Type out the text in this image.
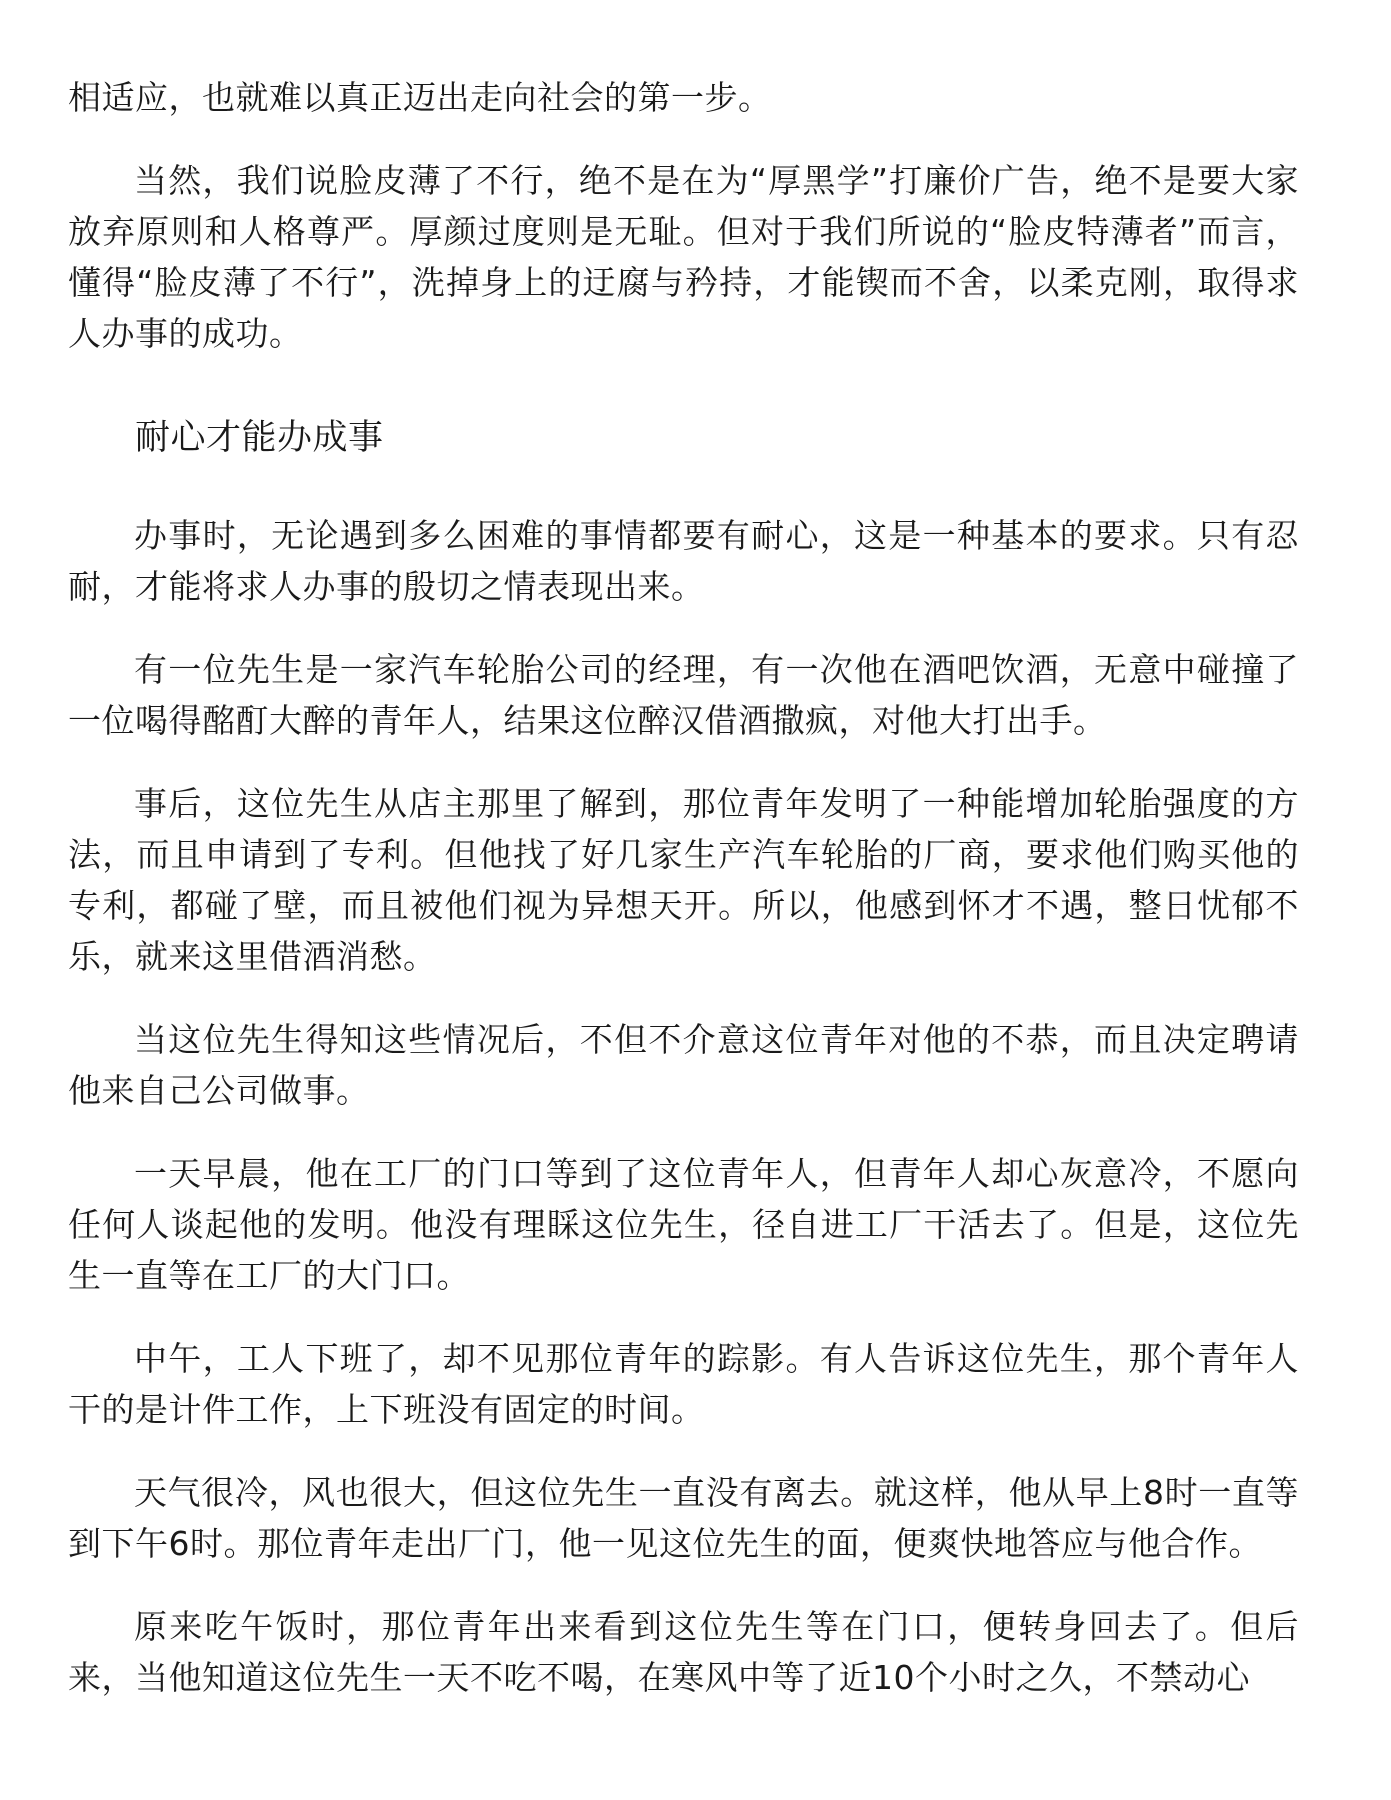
相适应，也就难以真正迈出走向社会的第一步。

当然，我们说脸皮薄了不行，绝不是在为“厚黑学”打廉价广告，绝不是要大家放弃原则和人格尊严。厚颜过度则是无耻。但对于我们所说的“脸皮特薄者”而言，懂得“脸皮薄了不行”，洗掉身上的迂腐与矜持，才能锲而不舍，以柔克刚，取得求人办事的成功。

耐心才能办成事

办事时，无论遇到多么困难的事情都要有耐心，这是一种基本的要求。只有忍耐，才能将求人办事的殷切之情表现出来。

有一位先生是一家汽车轮胎公司的经理，有一次他在酒吧饮酒，无意中碰撞了一位喝得酩酊大醉的青年人，结果这位醉汉借酒撒疯，对他大打出手。

事后，这位先生从店主那里了解到，那位青年发明了一种能增加轮胎强度的方法，而且申请到了专利。但他找了好几家生产汽车轮胎的厂商，要求他们购买他的专利，都碰了壁，而且被他们视为异想天开。所以，他感到怀才不遇，整日忧郁不乐，就来这里借酒消愁。

当这位先生得知这些情况后，不但不介意这位青年对他的不恭，而且决定聘请他来自己公司做事。

一天早晨，他在工厂的门口等到了这位青年人，但青年人却心灰意冷，不愿向任何人谈起他的发明。他没有理睬这位先生，径自进工厂干活去了。但是，这位先生一直等在工厂的大门口。

中午，工人下班了，却不见那位青年的踪影。有人告诉这位先生，那个青年人干的是计件工作，上下班没有固定的时间。

天气很冷，风也很大，但这位先生一直没有离去。就这样，他从早上8时一直等到下午6时。那位青年走出厂门，他一见这位先生的面，便爽快地答应与他合作。

原来吃午饭时，那位青年出来看到这位先生等在门口，便转身回去了。但后来，当他知道这位先生一天不吃不喝，在寒风中等了近10个小时之久，不禁动心
